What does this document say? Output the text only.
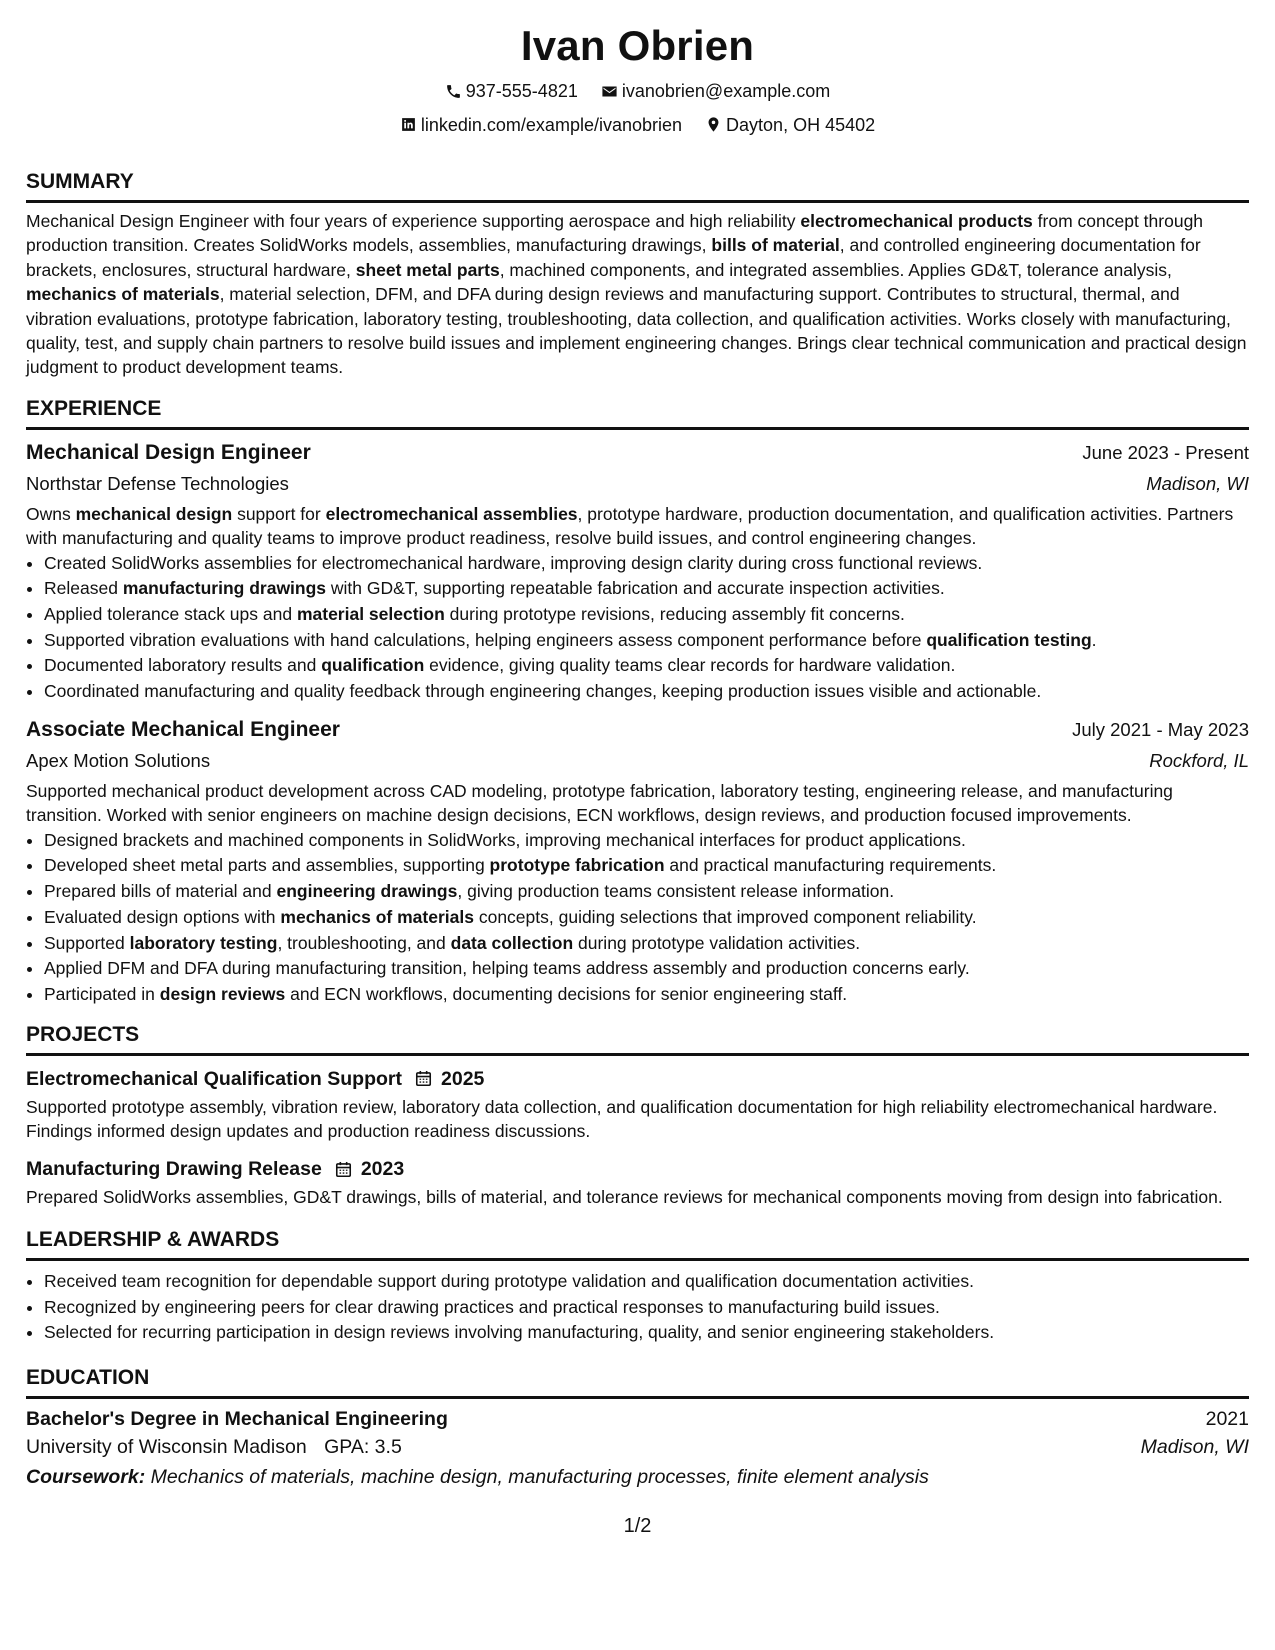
Ivan Obrien
937-555-4821
ivanobrien@example.com
linkedin.com/example/ivanobrien
Dayton, OH 45402
SUMMARY

Mechanical Design Engineer with four years of experience supporting aerospace and high reliability electromechanical products from concept through production transition. Creates SolidWorks models, assemblies, manufacturing drawings, bills of material, and controlled engineering documentation for brackets, enclosures, structural hardware, sheet metal parts, machined components, and integrated assemblies. Applies GD&T, tolerance analysis, mechanics of materials, material selection, DFM, and DFA during design reviews and manufacturing support. Contributes to structural, thermal, and vibration evaluations, prototype fabrication, laboratory testing, troubleshooting, data collection, and qualification activities. Works closely with manufacturing, quality, test, and supply chain partners to resolve build issues and implement engineering changes. Brings clear technical communication and practical design judgment to product development teams.

EXPERIENCE
Mechanical Design Engineer	June 2023 - Present
Northstar Defense Technologies	Madison, WI

Owns mechanical design support for electromechanical assemblies, prototype hardware, production documentation, and qualification activities. Partners with manufacturing and quality teams to improve product readiness, resolve build issues, and control engineering changes.

• Created SolidWorks assemblies for electromechanical hardware, improving design clarity during cross functional reviews.
• Released manufacturing drawings with GD&T, supporting repeatable fabrication and accurate inspection activities.
• Applied tolerance stack ups and material selection during prototype revisions, reducing assembly fit concerns.
• Supported vibration evaluations with hand calculations, helping engineers assess component performance before qualification testing.
• Documented laboratory results and qualification evidence, giving quality teams clear records for hardware validation.
• Coordinated manufacturing and quality feedback through engineering changes, keeping production issues visible and actionable.
Associate Mechanical Engineer	July 2021 - May 2023
Apex Motion Solutions	Rockford, IL

Supported mechanical product development across CAD modeling, prototype fabrication, laboratory testing, engineering release, and manufacturing transition. Worked with senior engineers on machine design decisions, ECN workflows, design reviews, and production focused improvements.

• Designed brackets and machined components in SolidWorks, improving mechanical interfaces for product applications.
• Developed sheet metal parts and assemblies, supporting prototype fabrication and practical manufacturing requirements.
• Prepared bills of material and engineering drawings, giving production teams consistent release information.
• Evaluated design options with mechanics of materials concepts, guiding selections that improved component reliability.
• Supported laboratory testing, troubleshooting, and data collection during prototype validation activities.
• Applied DFM and DFA during manufacturing transition, helping teams address assembly and production concerns early.
• Participated in design reviews and ECN workflows, documenting decisions for senior engineering staff.
PROJECTS
Electromechanical Qualification Support 2025

Supported prototype assembly, vibration review, laboratory data collection, and qualification documentation for high reliability electromechanical hardware. Findings informed design updates and production readiness discussions.

Manufacturing Drawing Release 2023

Prepared SolidWorks assemblies, GD&T drawings, bills of material, and tolerance reviews for mechanical components moving from design into fabrication.

LEADERSHIP & AWARDS
• Received team recognition for dependable support during prototype validation and qualification documentation activities.
• Recognized by engineering peers for clear drawing practices and practical responses to manufacturing build issues.
• Selected for recurring participation in design reviews involving manufacturing, quality, and senior engineering stakeholders.
EDUCATION
Bachelor's Degree in Mechanical Engineering	2021
University of Wisconsin Madison GPA: 3.5	Madison, WI
Coursework: Mechanics of materials, machine design, manufacturing processes, finite element analysis
1/2
